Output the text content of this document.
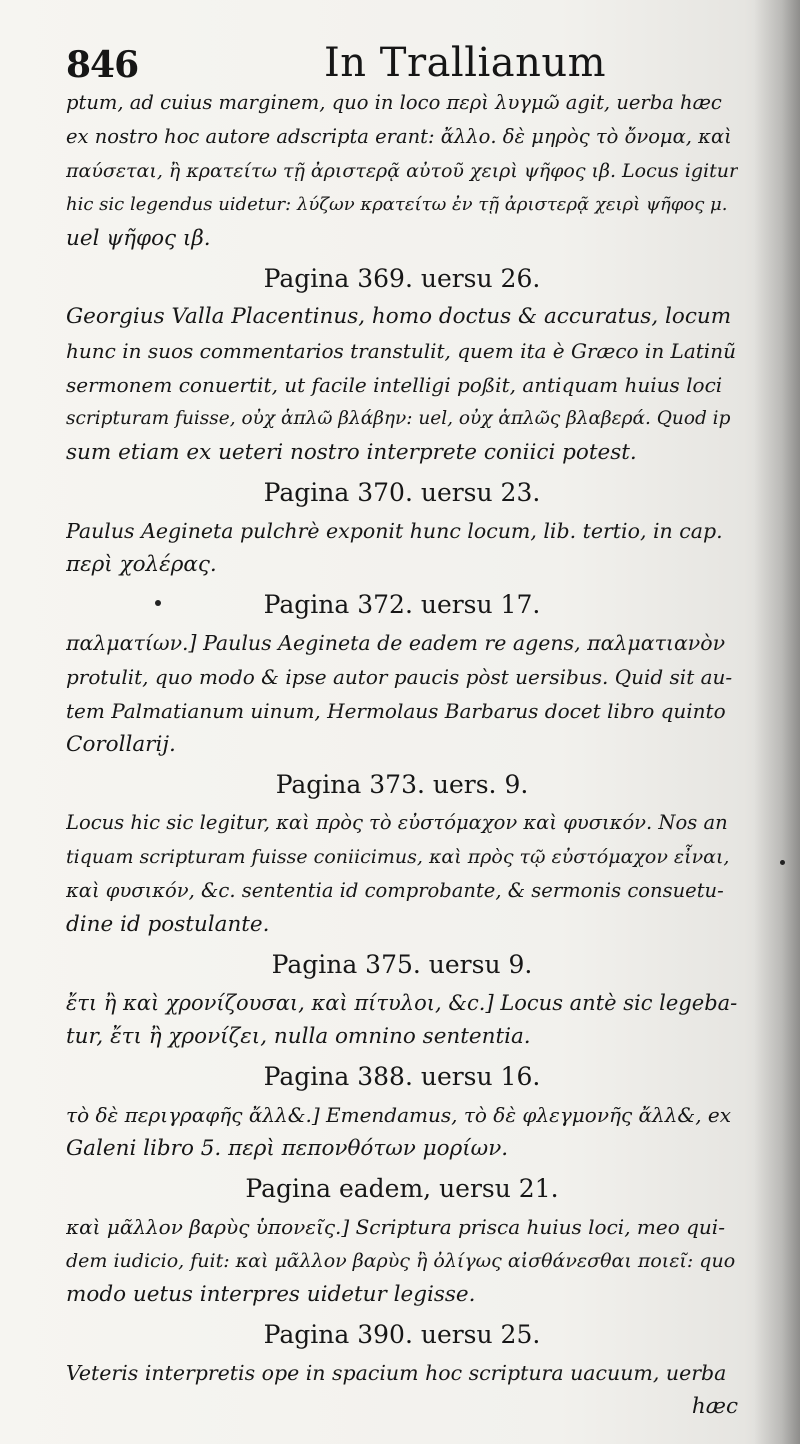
846	In Trallianum
ptum, ad cuius marginem, quo in loco περὶ λυγμῶ agit, uerba hæc
ex nostro hoc autore adscripta erant: ἄλλο. δὲ μηρὸς τὸ ὄνομα, καὶ
παύσεται, ἢ κρατείτω τῇ ἀριστερᾷ αὐτοῦ χειρὶ ψῆφος ιβ. Locus igitur
hic sic legendus uidetur: λύζων κρατείτω ἐν τῇ ἀριστερᾷ χειρὶ ψῆφος μ.
uel ψῆφος ιβ.
Pagina 369. uersu 26.
Georgius Valla Placentinus, homo doctus & accuratus, locum
hunc in suos commentarios transtulit, quem ita è Græco in Latinũ
sermonem conuertit, ut facile intelligi poßit, antiquam huius loci
scripturam fuisse, οὐχ ἁπλῶ βλάβην: uel, οὐχ ἁπλῶς βλαβερά. Quod ip
sum etiam ex ueteri nostro interprete coniici potest.
Pagina 370. uersu 23.
Paulus Aegineta pulchrè exponit hunc locum, lib. tertio, in cap.
περὶ χολέρας.
Pagina 372. uersu 17.
παλματίων.] Paulus Aegineta de eadem re agens, παλματιανὸν
protulit, quo modo & ipse autor paucis pòst uersibus. Quid sit au-
tem Palmatianum uinum, Hermolaus Barbarus docet libro quinto
Corollarij.
Pagina 373. uers. 9.
Locus hic sic legitur, καὶ πρὸς τὸ εὐστόμαχον καὶ φυσικόν. Nos an
tiquam scripturam fuisse coniicimus, καὶ πρὸς τῷ εὐστόμαχον εἶναι,
καὶ φυσικόν, &c. sententia id comprobante, & sermonis consuetu-
dine id postulante.
Pagina 375. uersu 9.
ἔτι ἢ καὶ χρονίζουσαι, καὶ πίτυλοι, &c.] Locus antè sic legeba-
tur, ἔτι ἢ χρονίζει, nulla omnino sententia.
Pagina 388. uersu 16.
τὸ δὲ περιγραφῆς ἄλλ&.] Emendamus, τὸ δὲ φλεγμονῆς ἄλλ&, ex
Galeni libro 5. περὶ πεπονθότων μορίων.
Pagina eadem, uersu 21.
καὶ μᾶλλον βαρὺς ὑπονεῖς.] Scriptura prisca huius loci, meo qui-
dem iudicio, fuit: καὶ μᾶλλον βαρὺς ἢ ὀλίγως αἰσθάνεσθαι ποιεῖ: quo
modo uetus interpres uidetur legisse.
Pagina 390. uersu 25.
Veteris interpretis ope in spacium hoc scriptura uacuum, uerba
hæc
